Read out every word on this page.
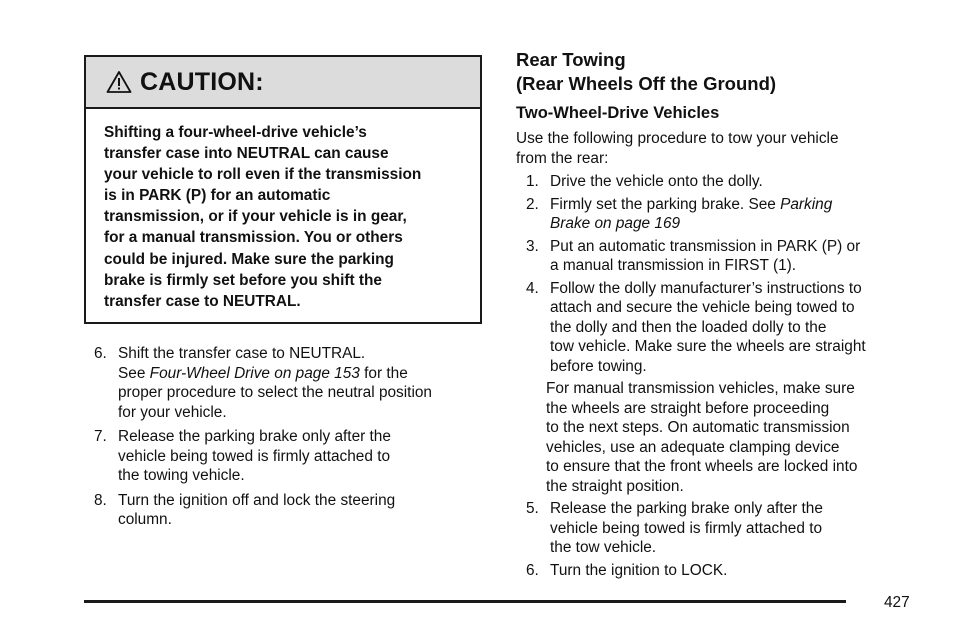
CAUTION:
Shifting a four-wheel-drive vehicle’s
transfer case into NEUTRAL can cause
your vehicle to roll even if the transmission
is in PARK (P) for an automatic
transmission, or if your vehicle is in gear,
for a manual transmission. You or others
could be injured. Make sure the parking
brake is firmly set before you shift the
transfer case to NEUTRAL.
6. Shift the transfer case to NEUTRAL.
See Four-Wheel Drive on page 153 for the
proper procedure to select the neutral position
for your vehicle.
7. Release the parking brake only after the
vehicle being towed is firmly attached to
the towing vehicle.
8. Turn the ignition off and lock the steering
column.
Rear Towing
(Rear Wheels Off the Ground)
Two-Wheel-Drive Vehicles
Use the following procedure to tow your vehicle
from the rear:
1. Drive the vehicle onto the dolly.
2. Firmly set the parking brake. See Parking
Brake on page 169
3. Put an automatic transmission in PARK (P) or
a manual transmission in FIRST (1).
4. Follow the dolly manufacturer’s instructions to
attach and secure the vehicle being towed to
the dolly and then the loaded dolly to the
tow vehicle. Make sure the wheels are straight
before towing.
For manual transmission vehicles, make sure
the wheels are straight before proceeding
to the next steps. On automatic transmission
vehicles, use an adequate clamping device
to ensure that the front wheels are locked into
the straight position.
5. Release the parking brake only after the
vehicle being towed is firmly attached to
the tow vehicle.
6. Turn the ignition to LOCK.
427
